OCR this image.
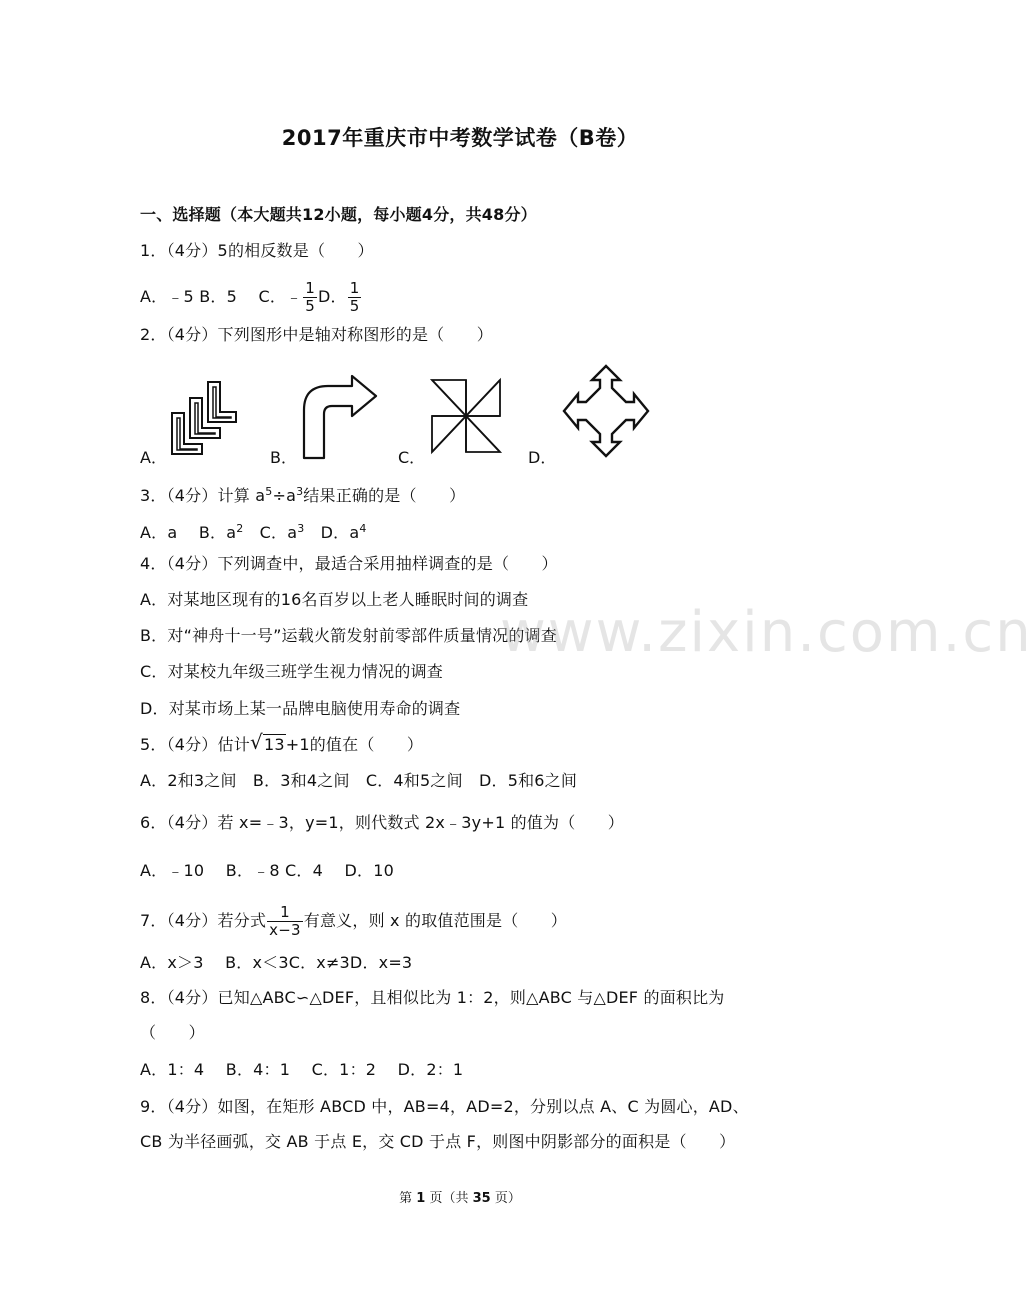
2017年重庆市中考数学试卷（B卷）
一、选择题（本大题共12小题，每小题4分，共48分）
1．（4分）5的相反数是（　　）
A．﹣5 B．5　 C．﹣ $\frac{1}{5}$ D． $\frac{1}{5}$
2．（4分）下列图形中是轴对称图形的是（　　）
A．	B．	C．	D．
3．（4分）计算 $a^5\div a^3$结果正确的是（　　）
A．a　 B．$a^2$　C．$a^3$　D．$a^4$
4．（4分）下列调查中，最适合采用抽样调查的是（　　）
A．对某地区现有的16名百岁以上老人睡眠时间的调查
B．对“神舟十一号”运载火箭发射前零部件质量情况的调查
C．对某校九年级三班学生视力情况的调查
D．对某市场上某一品牌电脑使用寿命的调查
5．（4分）估计 √ 13+1的值在（　　）
A．2和3之间　B．3和4之间　C．4和5之间　D．5和6之间
6．（4分）若 x=﹣3，y=1，则代数式 2x﹣3y+1 的值为（　　）
A．﹣10　 B．﹣8 C．4　 D．10
7．（4分）若分式 $\frac{1}{x-3}$ 有意义，则 x 的取值范围是（　　）
A．x＞3　 B．x＜3C．x≠3D．x=3
8．（4分）已知△ABC∽△DEF，且相似比为 1：2，则△ABC 与△DEF 的面积比为
（　　）
A．1：4　 B．4：1　 C．1：2　 D．2：1
9．（4分）如图，在矩形 ABCD 中，AB=4，AD=2，分别以点 A、C 为圆心，AD、
CB 为半径画弧，交 AB 于点 E，交 CD 于点 F，则图中阴影部分的面积是（　　）
www.zixin.com.cn
第 1 页（共 35 页）
